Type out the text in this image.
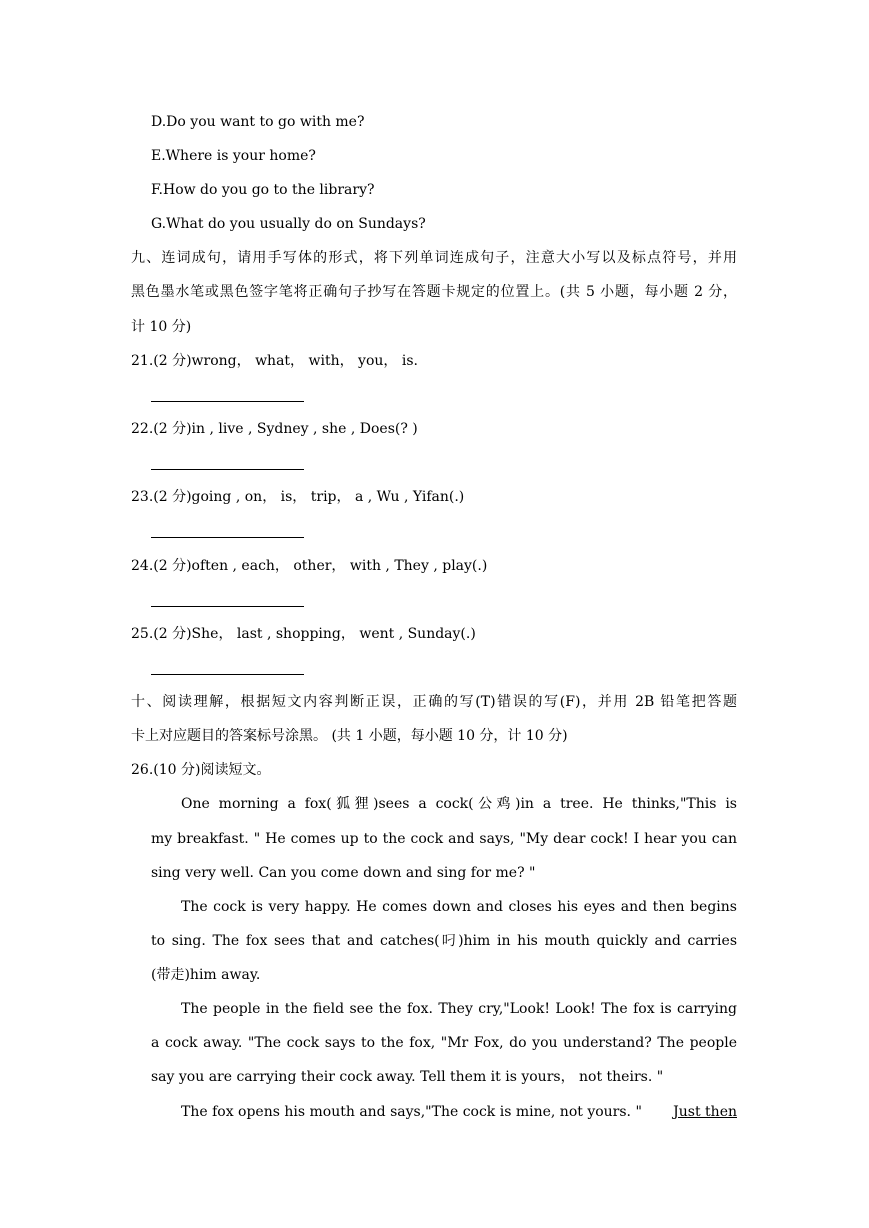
D.Do you want to go with me?
E.Where is your home?
F.How do you go to the library?
G.What do you usually do on Sundays?
九、连词成句，请用手写体的形式，将下列单词连成句子，注意大小写以及标点符号，并用
黑色墨水笔或黑色签字笔将正确句子抄写在答题卡规定的位置上。(共 5 小题，每小题 2 分，
计 10 分)
21.(2 分)wrong， what， with， you， is.
22.(2 分)in , live , Sydney , she , Does(? )
23.(2 分)going , on， is， trip， a , Wu , Yifan(.)
24.(2 分)often , each， other， with , They , play(.)
25.(2 分)She， last , shopping， went , Sunday(.)
十、阅读理解，根据短文内容判断正误，正确的写(T)错误的写(F)，并用 2B 铅笔把答题
卡上对应题目的答案标号涂黑。 (共 1 小题，每小题 10 分，计 10 分)
26.(10 分)阅读短文。
One morning a fox(狐狸)sees a cock(公鸡)in a tree. He thinks,"This is
my breakfast. " He comes up to the cock and says, "My dear cock! I hear you can
sing very well. Can you come down and sing for me? "
The cock is very happy. He comes down and closes his eyes and then begins
to sing. The fox sees that and catches(叼)him in his mouth quickly and carries
(带走)him away.
The people in the field see the fox. They cry,"Look! Look! The fox is carrying
a cock away. "The cock says to the fox, "Mr Fox, do you understand? The people
say you are carrying their cock away. Tell them it is yours， not theirs. "
The fox opens his mouth and says,"The cock is mine, not yours. " Just then
